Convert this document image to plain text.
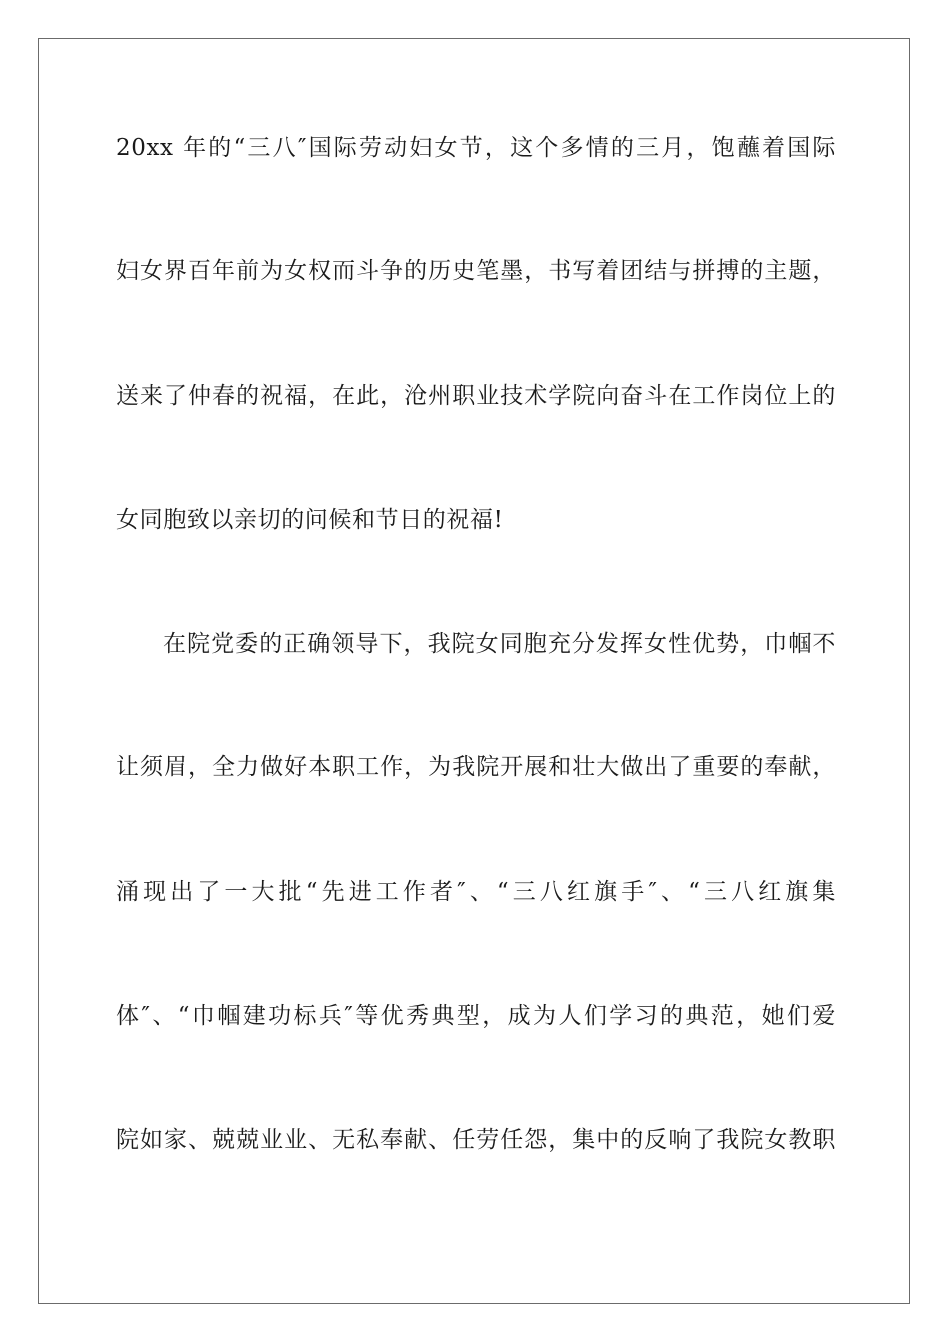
20xx 年的“三八″国际劳动妇女节，这个多情的三月，饱蘸着国际
妇女界百年前为女权而斗争的历史笔墨，书写着团结与拼搏的主题，
送来了仲春的祝福，在此，沧州职业技术学院向奋斗在工作岗位上的
女同胞致以亲切的问候和节日的祝福!
在院党委的正确领导下，我院女同胞充分发挥女性优势，巾帼不
让须眉，全力做好本职工作，为我院开展和壮大做出了重要的奉献，
涌现出了一大批“先进工作者″、“三八红旗手″、“三八红旗集
体″、“巾帼建功标兵″等优秀典型，成为人们学习的典范，她们爱
院如家、兢兢业业、无私奉献、任劳任怨，集中的反响了我院女教职
